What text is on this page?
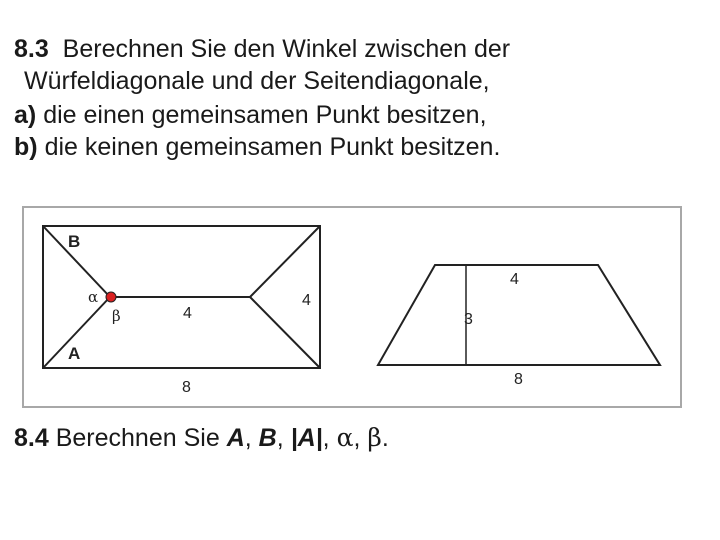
8.3 Berechnen Sie den Winkel zwischen der
Würfeldiagonale und der Seitendiagonale,
a) die einen gemeinsamen Punkt besitzen,
b) die keinen gemeinsamen Punkt besitzen.
B
A
α
β	4
4
8
4
3
8
8.4 Berechnen Sie A, B, |A|, α, β.
